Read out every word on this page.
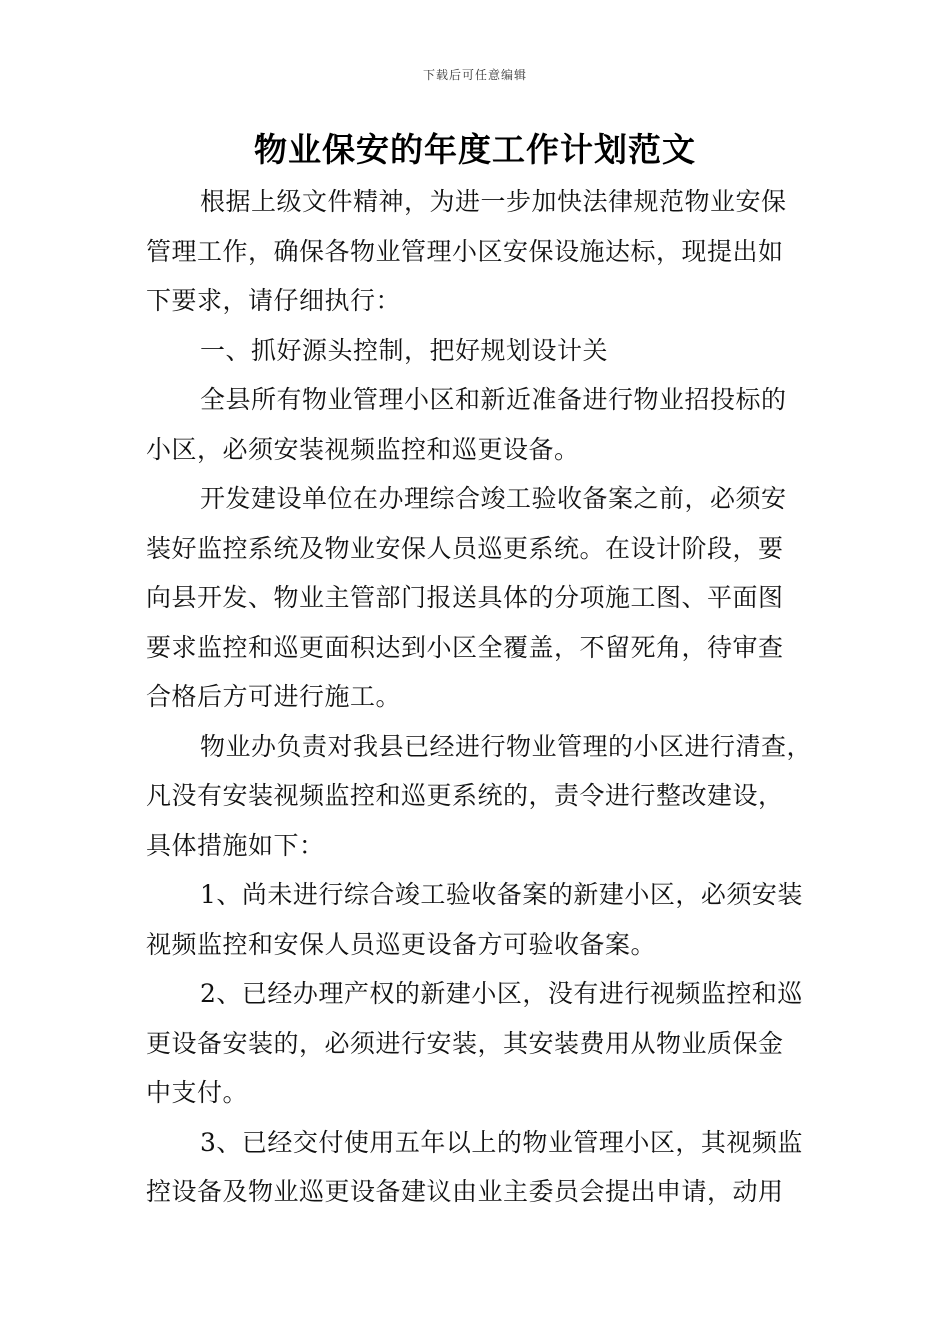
下载后可任意编辑
物业保安的年度工作计划范文
根据上级文件精神，为进一步加快法律规范物业安保
管理工作，确保各物业管理小区安保设施达标，现提出如
下要求，请仔细执行：
一、抓好源头控制，把好规划设计关
全县所有物业管理小区和新近准备进行物业招投标的
小区，必须安装视频监控和巡更设备。
开发建设单位在办理综合竣工验收备案之前，必须安
装好监控系统及物业安保人员巡更系统。在设计阶段，要
向县开发、物业主管部门报送具体的分项施工图、平面图
要求监控和巡更面积达到小区全覆盖，不留死角，待审查
合格后方可进行施工。
物业办负责对我县已经进行物业管理的小区进行清查，
凡没有安装视频监控和巡更系统的，责令进行整改建设，
具体措施如下：
1、尚未进行综合竣工验收备案的新建小区，必须安装
视频监控和安保人员巡更设备方可验收备案。
2、已经办理产权的新建小区，没有进行视频监控和巡
更设备安装的，必须进行安装，其安装费用从物业质保金
中支付。
3、已经交付使用五年以上的物业管理小区，其视频监
控设备及物业巡更设备建议由业主委员会提出申请，动用
